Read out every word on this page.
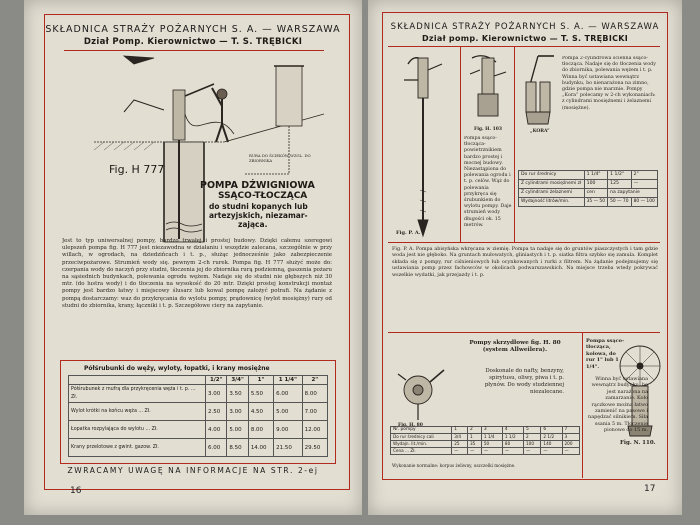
SKŁADNICA STRAŻY POŻARNYCH S. A. — WARSZAWA
Dział Pomp. Kierownictwo — T. S. TRĘBICKI
RURA DO ŚCIEKÓW WZGL. DO ZBIORNIKA
Fig. H 777
POMPA DŹWIGNIOWA
SSĄCO-TŁOCZĄCA
do studni kopanych lub
artezyjskich, niezamar-
zająca.
Jest to typ uniwersalnej pompy, bardzo trwałej i prostej budowy. Dzięki całemu szeregowi ulepszeń pompa fig. H 777 jest niezawodna w działaniu i wszędzie zalecana, szczególnie w przy willach, w ogrodach, na dziedzińcach i t. p., służąc jednocześnie jako zabezpieczenie przeciwpożarowe. Strumień wody się. pewnym 2-ch rurek. Pompa fig. H 777 służyć może do: czerpania wody do naczyń przy studni, tłoczenia jej do zbiornika rurą podziemną, gaszenia pożaru na sąsiednich budynkach, polewania ogrodu wężem. Nadaje się do studni nie głębszych niż 30 mtr. (do lustra wody) i do tłoczenia na wysokość do 20 mtr. Dzięki prostej konstrukcji montaż pompy jest bardzo łatwy i miejscowy ślusarz lub kowal pompę założyć potrafi. Na żądanie z pompą dostarczamy: waz do przykręcania do wylotu pompy, prądownicę (wylot mosiężny) rury od studni do zbiornika, krany, łączniki i t. p. Szczegółowe ciery na zapytanie.
Półśrubunki do węży, wyloty, łopatki, i krany mosiężne
	1/2"	3/4"	1"	1 1/4"	2"
Półśrubunek z mufrą dla przykręcenia węża i t. p. ... Zł.	3.00	3.50	5.50	6.00	8.00
Wylot krótki na końcu węża ... Zł.	2.50	3.00	4.50	5.00	7.00
Łopatka rozpylająca do wylotu ... Zł.	4.00	5.00	8.00	9.00	12.00
Krany przelotowe z gwint. gazow. Zł.	6.00	8.50	14.00	21.50	29.50
ZWRACAMY UWAGĘ NA INFORMACJE NA STR. 2-ej
16
SKŁADNICA STRAŻY POŻARNYCH S. A. — WARSZAWA
Dział pomp. Kierownictwo — T. S. TRĘBICKI
Fig. P. A.
Fig. H. 103
Pompa ssąco-tłocząca-powietrznikiem bardzo prostej i mocnej budowy. Niezastąpiona do polewania ogrodu i t. p. celów. Wąż do polewania przykręca się śrubunkiem do wylotu pompy. Daje strumień wody długości ok. 15 metrów.
„KORA”
Pompa 2-cylindrowa ścienna ssąco-tłocząca. Nadaje się do tłoczenia wody do zbiornika, polewania wężem i t. p. Winna być ustawiana wewnątrz budynku, bo nienarażona na zimno, gdzie pompa nie marznie. Pompy „Kora” polecamy w 2-ch wykonaniach: z cylindrami mosiężnemi i żelaznemi (mosiężne).
Do rur średnicy	1 1/4"	1 1/2"	2"
Z cylindrami mosiężnemi zł	100	125	—
Z cylindrami żelaznemi	cen	na zapytanie	
Wydajność litrów/min.	35 — 50	50 — 70	80 — 100
Fig. P. A. Pompa abisyńska wkręcana w ziemię. Pompa ta nadaje się do gruntów piaszczystych i tam gdzie woda jest nie głęboko. Na gruntach mułowatych, gliniastych i t. p. siatka filtra szybko się zamula. Komplet składa się z pompy, rur ciśnieniowych łub ocynkowanych i rurki z filtrem. Na żądanie podejmujemy się ustawiania pomp przez fachowców w okolicach podwarszawskich. Na miejsce trzeba wtedy pokrywać wszelkie wydatki, jak przejazdy i t. p.
Fig. H. 80
Pompy skrzydłowe fig. H. 80 (system Allweilera).
Doskonale do nafty, benzyny, spirytusu, oliwy, piwa i t. p. płynów. Do wody studziennej niezalecane.
Nr. pompy	1	2	3	4	5	6	7
Do rur średnicy cali	3/4	1	1 1/4	1 1/2	2	2 1/2	3
Wydajn. lit./min.	25	35	50	80	100	140	200
Cena ... Zł.	—	—	—	—	—	—	—
Wykonanie normalne: korpus żeliwny, uszczelki mosiężne.
Pompa ssąco-tłocząca, kolowa, do rur 1" lub 1 1/4".
Winna być ustawiana wewnątrz budynku, bo jest narażona na zamarzanie. Koło rączkowe można łatwo zamienić na pasowe i napędzać silnikiem. Siła ssania 5 m. Tłoczenie pionowe do 15 m.
Fig. N. 110.
17
